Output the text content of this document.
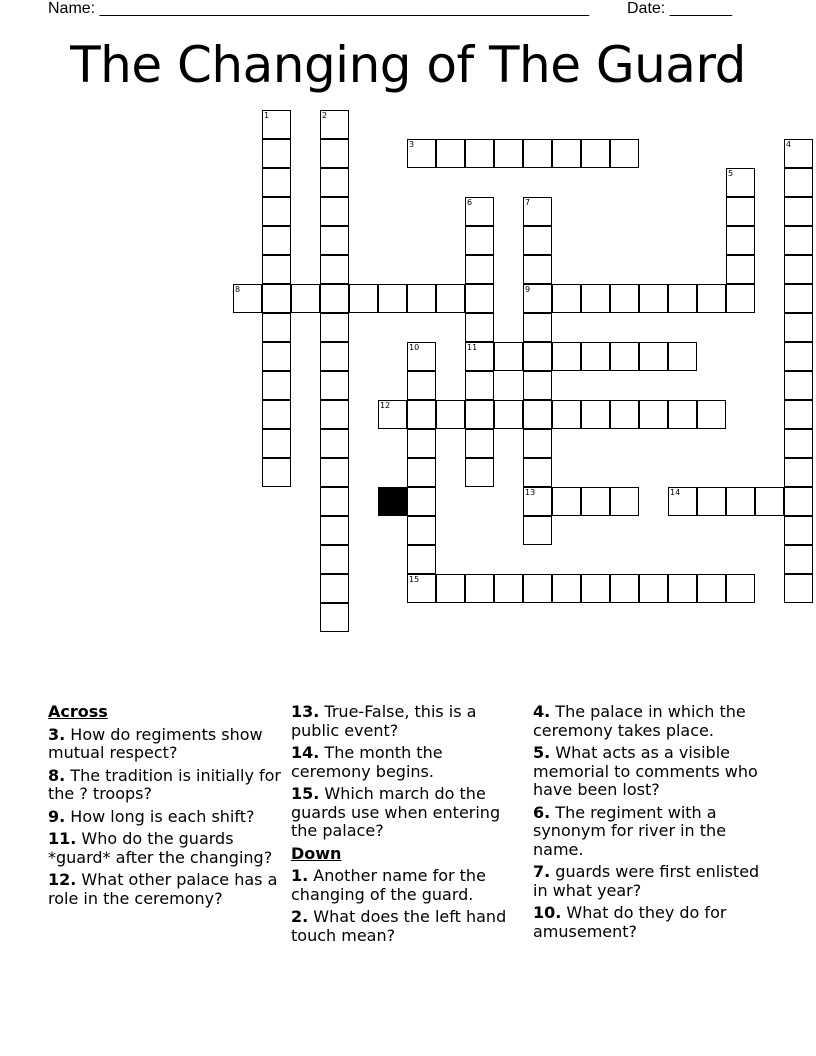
Name: _______________________________________________________ Date: _______
The Changing of The Guard
1	2
3	4
5
6
11
7
9
13
8
10
15
12
14
Across
3. How do regiments show mutual respect?
8. The tradition is initially for the ? troops?
9. How long is each shift?
11. Who do the guards *guard* after the changing?
12. What other palace has a role in the ceremony?
13. True-False, this is a public event?
14. The month the ceremony begins.
15. Which march do the guards use when entering the palace?
Down
1. Another name for the changing of the guard.
2. What does the left hand touch mean?
4. The palace in which the ceremony takes place.
5. What acts as a visible memorial to comments who have been lost?
6. The regiment with a synonym for river in the name.
7. guards were first enlisted in what year?
10. What do they do for amusement?
